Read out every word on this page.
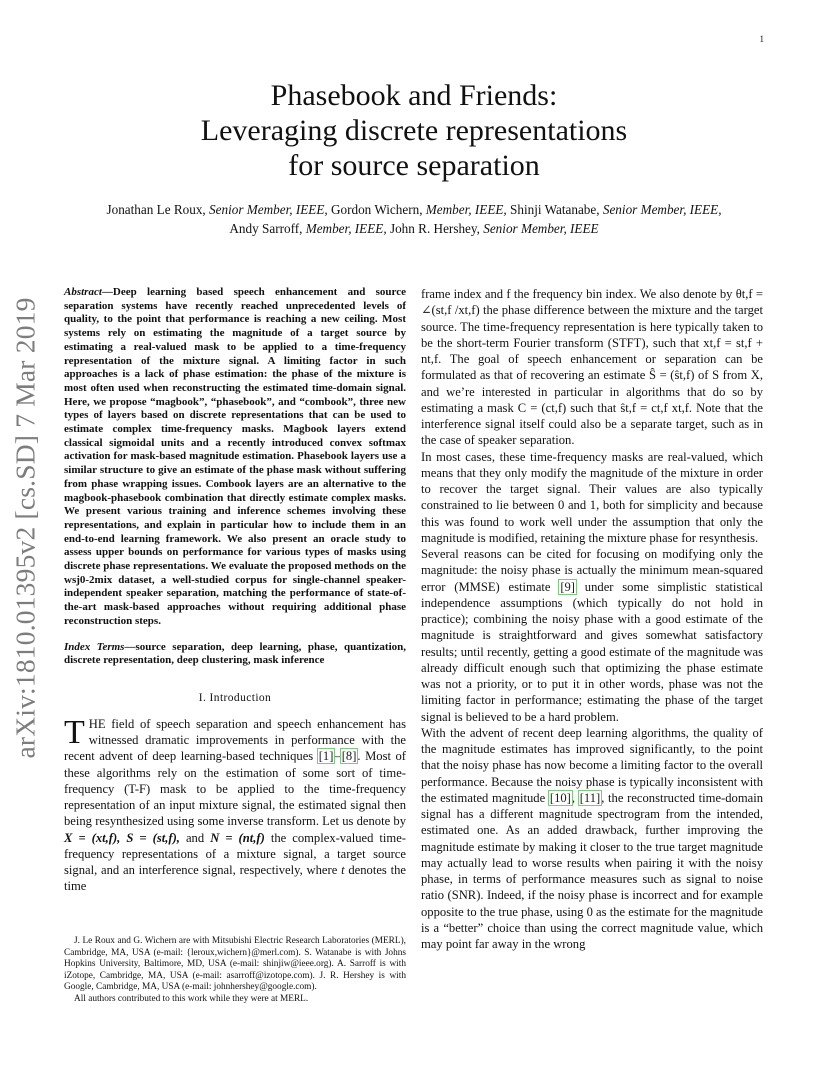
1
arXiv:1810.01395v2 [cs.SD] 7 Mar 2019
Phasebook and Friends:
Leveraging discrete representations
for source separation
Jonathan Le Roux, Senior Member, IEEE, Gordon Wichern, Member, IEEE, Shinji Watanabe, Senior Member, IEEE, Andy Sarroff, Member, IEEE, John R. Hershey, Senior Member, IEEE

Abstract—Deep learning based speech enhancement and source separation systems have recently reached unprecedented levels of quality, to the point that performance is reaching a new ceiling. Most systems rely on estimating the magnitude of a target source by estimating a real-valued mask to be applied to a time-frequency representation of the mixture signal. A limiting factor in such approaches is a lack of phase estimation: the phase of the mixture is most often used when reconstructing the estimated time-domain signal. Here, we propose “magbook”, “phasebook”, and “combook”, three new types of layers based on discrete representations that can be used to estimate complex time-frequency masks. Magbook layers extend classical sigmoidal units and a recently introduced convex softmax activation for mask-based magnitude estimation. Phasebook layers use a similar structure to give an estimate of the phase mask without suffering from phase wrapping issues. Combook layers are an alternative to the magbook-phasebook combination that directly estimate complex masks. We present various training and inference schemes involving these representations, and explain in particular how to include them in an end-to-end learning framework. We also present an oracle study to assess upper bounds on performance for various types of masks using discrete phase representations. We evaluate the proposed methods on the wsj0-2mix dataset, a well-studied corpus for single-channel speaker-independent speaker separation, matching the performance of state-of-the-art mask-based approaches without requiring additional phase reconstruction steps.

Index Terms—source separation, deep learning, phase, quantization, discrete representation, deep clustering, mask inference

I. Introduction

THE field of speech separation and speech enhancement has witnessed dramatic improvements in performance with the recent advent of deep learning-based techniques [1]–[8]. Most of these algorithms rely on the estimation of some sort of time-frequency (T-F) mask to be applied to the time-frequency representation of an input mixture signal, the estimated signal then being resynthesized using some inverse transform. Let us denote by X = (xt,f), S = (st,f), and N = (nt,f) the complex-valued time-frequency representations of a mixture signal, a target source signal, and an interference signal, respectively, where t denotes the time

J. Le Roux and G. Wichern are with Mitsubishi Electric Research Laboratories (MERL), Cambridge, MA, USA (e-mail: {leroux,wichern}@merl.com). S. Watanabe is with Johns Hopkins University, Baltimore, MD, USA (e-mail: shinjiw@ieee.org). A. Sarroff is with iZotope, Cambridge, MA, USA (e-mail: asarroff@izotope.com). J. R. Hershey is with Google, Cambridge, MA, USA (e-mail: johnhershey@google.com).

All authors contributed to this work while they were at MERL.

frame index and f the frequency bin index. We also denote by θt,f = ∠(st,f /xt,f) the phase difference between the mixture and the target source. The time-frequency representation is here typically taken to be the short-term Fourier transform (STFT), such that xt,f = st,f + nt,f. The goal of speech enhancement or separation can be formulated as that of recovering an estimate Ŝ = (ŝt,f) of S from X, and we’re interested in particular in algorithms that do so by estimating a mask C = (ct,f) such that ŝt,f = ct,f xt,f. Note that the interference signal itself could also be a separate target, such as in the case of speaker separation.

In most cases, these time-frequency masks are real-valued, which means that they only modify the magnitude of the mixture in order to recover the target signal. Their values are also typically constrained to lie between 0 and 1, both for simplicity and because this was found to work well under the assumption that only the magnitude is modified, retaining the mixture phase for resynthesis.

Several reasons can be cited for focusing on modifying only the magnitude: the noisy phase is actually the minimum mean-squared error (MMSE) estimate [9] under some simplistic statistical independence assumptions (which typically do not hold in practice); combining the noisy phase with a good estimate of the magnitude is straightforward and gives somewhat satisfactory results; until recently, getting a good estimate of the magnitude was already difficult enough such that optimizing the phase estimate was not a priority, or to put it in other words, phase was not the limiting factor in performance; estimating the phase of the target signal is believed to be a hard problem.

With the advent of recent deep learning algorithms, the quality of the magnitude estimates has improved significantly, to the point that the noisy phase has now become a limiting factor to the overall performance. Because the noisy phase is typically inconsistent with the estimated magnitude [10], [11], the reconstructed time-domain signal has a different magnitude spectrogram from the intended, estimated one. As an added drawback, further improving the magnitude estimate by making it closer to the true target magnitude may actually lead to worse results when pairing it with the noisy phase, in terms of performance measures such as signal to noise ratio (SNR). Indeed, if the noisy phase is incorrect and for example opposite to the true phase, using 0 as the estimate for the magnitude is a “better” choice than using the correct magnitude value, which may point far away in the wrong
